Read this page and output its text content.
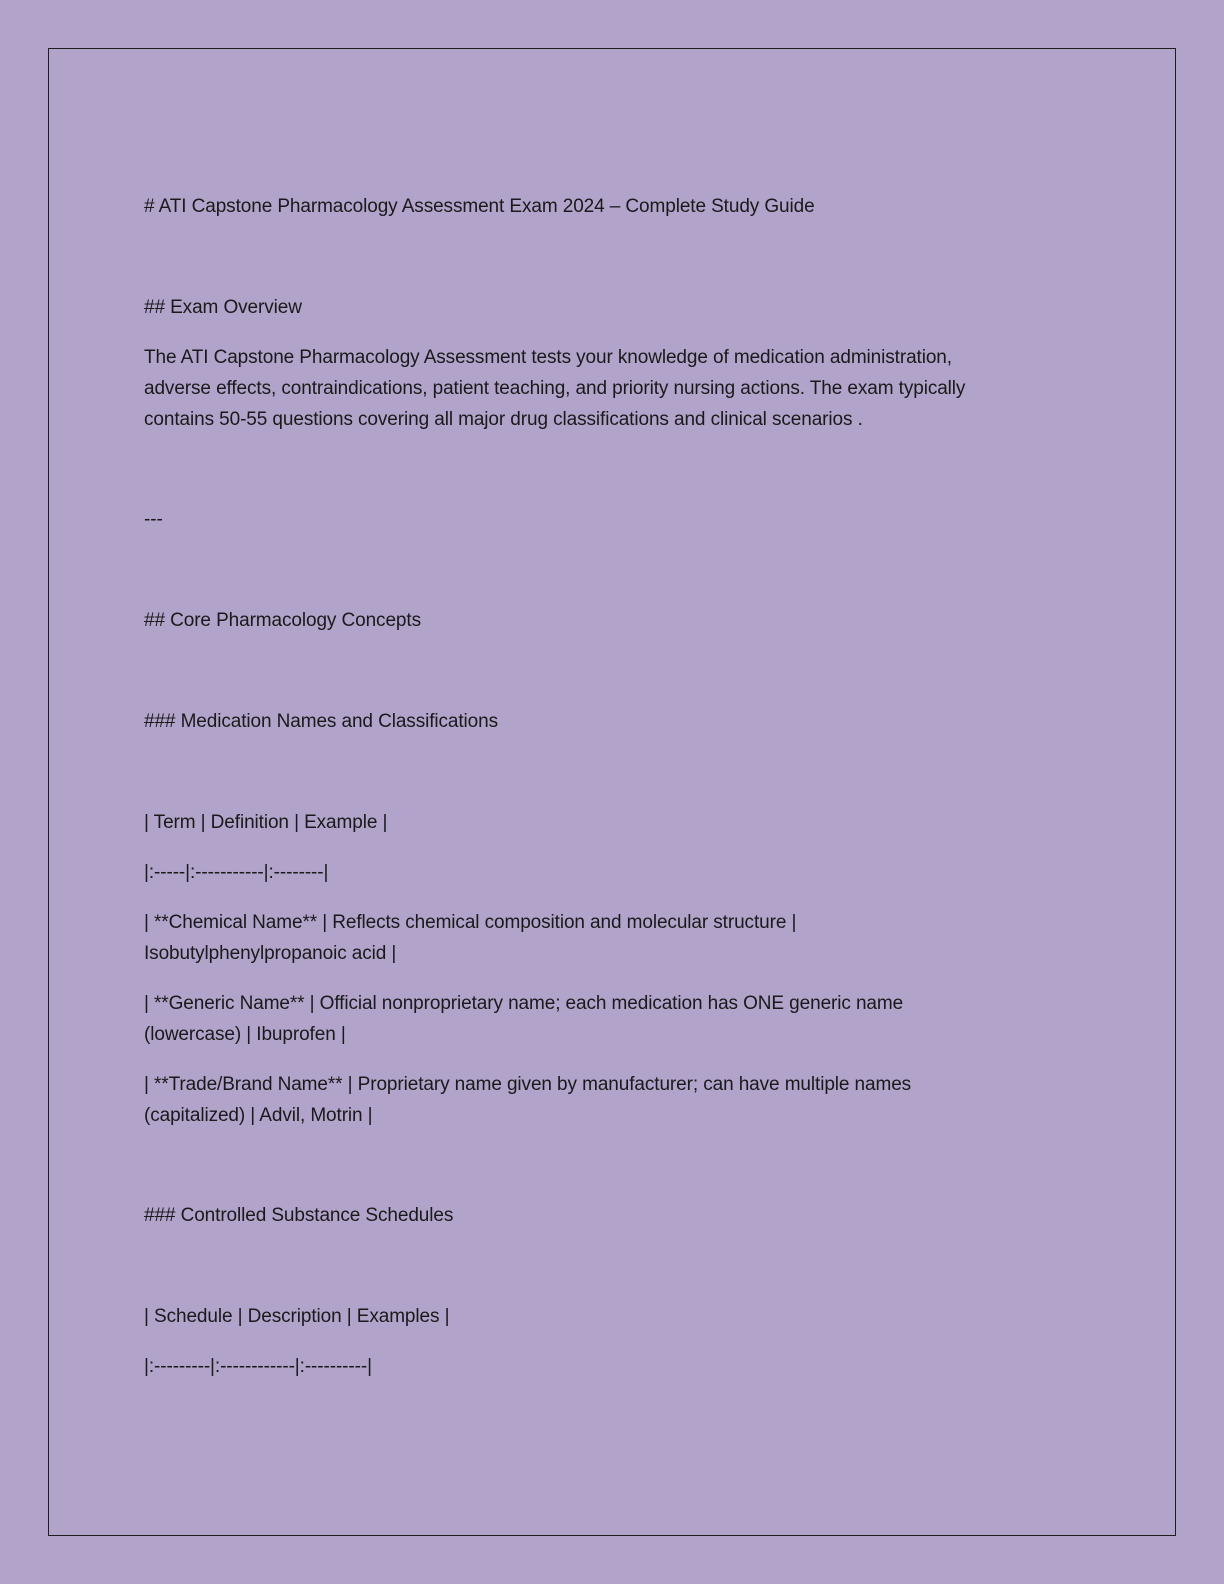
# ATI Capstone Pharmacology Assessment Exam 2024 – Complete Study Guide
## Exam Overview
The ATI Capstone Pharmacology Assessment tests your knowledge of medication administration,
adverse effects, contraindications, patient teaching, and priority nursing actions. The exam typically
contains 50-55 questions covering all major drug classifications and clinical scenarios .
---
## Core Pharmacology Concepts
### Medication Names and Classifications
| Term | Definition | Example |
|:-----|:-----------|:--------|
| **Chemical Name** | Reflects chemical composition and molecular structure |
Isobutylphenylpropanoic acid |
| **Generic Name** | Official nonproprietary name; each medication has ONE generic name
(lowercase) | Ibuprofen |
| **Trade/Brand Name** | Proprietary name given by manufacturer; can have multiple names
(capitalized) | Advil, Motrin |
### Controlled Substance Schedules
| Schedule | Description | Examples |
|:---------|:------------|:----------|
